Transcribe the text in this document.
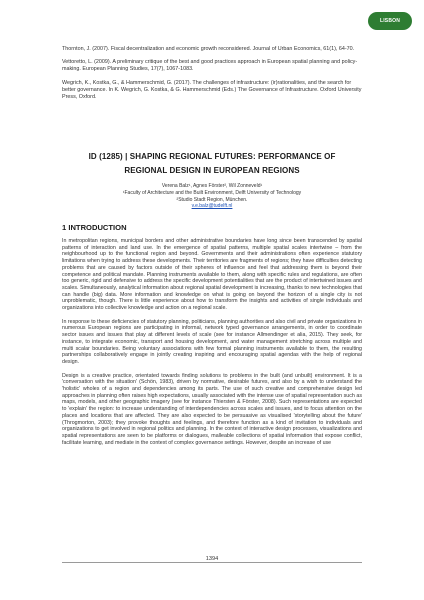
LISBON

Thornton, J. (2007). Fiscal decentralization and economic growth reconsidered. Journal of Urban Economics, 61(1), 64-70.

Vettoretto, L. (2009). A preliminary critique of the best and good practices approach in European spatial planning and policy-making. European Planning Studies, 17(7), 1067-1083.

Wegrich, K., Kostka, G., & Hammerschmid, G. (2017). The challenges of infrastructure: (ir)rationalities, and the search for better governance. In K. Wegrich, G. Kostka, & G. Hammerschmid (Eds.) The Governance of Infrastructure. Oxford University Press, Oxford.

ID (1285) | SHAPING REGIONAL FUTURES: PERFORMANCE OF
REGIONAL DESIGN IN EUROPEAN REGIONS
Verena Balz¹, Agnes Förster², Wil Zonneveld¹
¹Faculty of Architecture and the Built Environment, Delft University of Technology
²Studio Stadt Region, München.
v.e.balz@tudelft.nl
1 INTRODUCTION

In metropolitan regions, municipal borders and other administrative boundaries have long since been transcended by spatial patterns of interaction and land use. In the emergence of spatial patterns, multiple spatial scales intertwine – from the neighbourhood up to the functional region and beyond. Governments and their administrations often experience statutory limitations when trying to address these developments. Their territories are fragments of regions; they have difficulties detecting problems that are caused by factors outside of their spheres of influence and feel that addressing them is beyond their competence and political mandate. Planning instruments available to them, along with specific rules and regulations, are often too generic, rigid and defensive to address the specific development potentialities that are the product of intertwined issues and scales. Simultaneously, analytical information about regional spatial development is increasing, thanks to new technologies that can handle (big) data. More information and knowledge on what is going on beyond the horizon of a single city is not unproblematic, though. There is little experience about how to transform the insights and activities of single individuals and organizations into collective knowledge and action on a regional scale.

In response to these deficiencies of statutory planning, politicians, planning authorities and also civil and private organizations in numerous European regions are participating in informal, network typed governance arrangements, in order to coordinate sector issues and issues that play at different levels of scale (see for instance Allmendinger et alia, 2015). They seek, for instance, to integrate economic, transport and housing development, and water management stretching across multiple and multi scalar boundaries. Being voluntary associations with few formal planning instruments available to them, the resulting partnerships collaboratively engage in jointly creating inspiring and encouraging spatial agendas with the help of regional design.

Design is a creative practice, orientated towards finding solutions to problems in the built (and unbuilt) environment. It is a 'conversation with the situation' (Schön, 1983), driven by normative, desirable futures, and also by a wish to understand the 'holistic' wholes of a region and dependencies among its parts. The use of such creative and comprehensive design led approaches in planning often raises high expectations, usually associated with the intense use of spatial representation such as maps, models, and other geographic imagery (see for instance Thiersten & Förster, 2008). Such representations are expected to 'explain' the region: to increase understanding of interdependencies across scales and issues, and to focus attention on the places and locations that are affected. They are also expected to be persuasive as visualised 'storytelling about the future' (Throgmorton, 2003); they provoke thoughts and feelings, and therefore function as a kind of invitation to individuals and organizations to get involved in regional politics and planning. In the context of interactive design processes, visualizations and spatial representations are seen to be platforms or dialogues, malleable collections of spatial information that expose conflict, facilitate learning, and mediate in the context of complex governance settings. However, despite an increase of use

1394
